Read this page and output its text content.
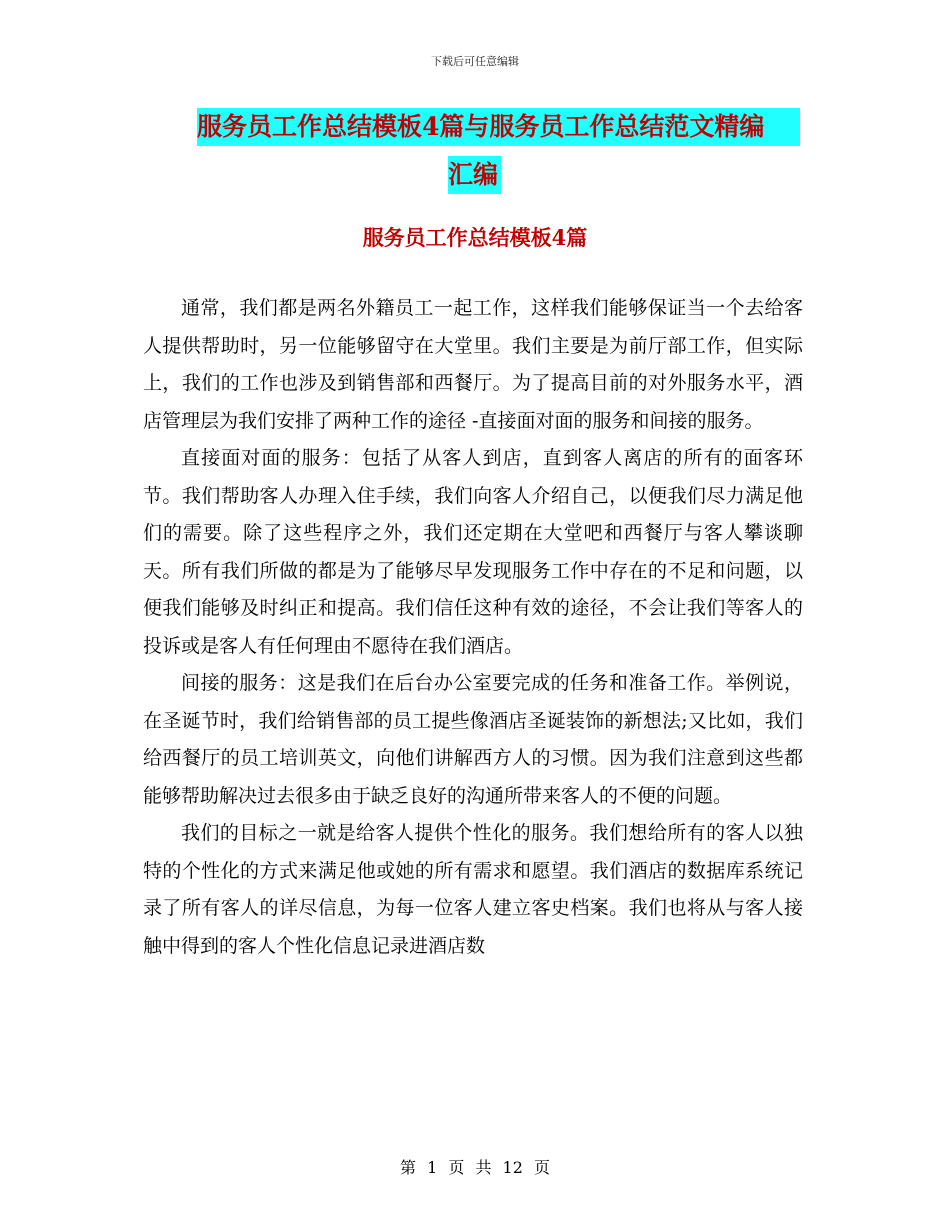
下载后可任意编辑
服务员工作总结模板4篇与服务员工作总结范文精编
汇编
服务员工作总结模板4篇

通常，我们都是两名外籍员工一起工作，这样我们能够保证当一个去给客人提供帮助时，另一位能够留守在大堂里。我们主要是为前厅部工作，但实际上，我们的工作也涉及到销售部和西餐厅。为了提高目前的对外服务水平，酒店管理层为我们安排了两种工作的途径 -直接面对面的服务和间接的服务。

直接面对面的服务：包括了从客人到店，直到客人离店的所有的面客环节。我们帮助客人办理入住手续，我们向客人介绍自己，以便我们尽力满足他们的需要。除了这些程序之外，我们还定期在大堂吧和西餐厅与客人攀谈聊天。所有我们所做的都是为了能够尽早发现服务工作中存在的不足和问题，以便我们能够及时纠正和提高。我们信任这种有效的途径，不会让我们等客人的投诉或是客人有任何理由不愿待在我们酒店。

间接的服务：这是我们在后台办公室要完成的任务和准备工作。举例说，在圣诞节时，我们给销售部的员工提些像酒店圣诞装饰的新想法;又比如，我们给西餐厅的员工培训英文，向他们讲解西方人的习惯。因为我们注意到这些都能够帮助解决过去很多由于缺乏良好的沟通所带来客人的不便的问题。

我们的目标之一就是给客人提供个性化的服务。我们想给所有的客人以独特的个性化的方式来满足他或她的所有需求和愿望。我们酒店的数据库系统记录了所有客人的详尽信息，为每一位客人建立客史档案。我们也将从与客人接触中得到的客人个性化信息记录进酒店数

第 1 页 共 12 页
